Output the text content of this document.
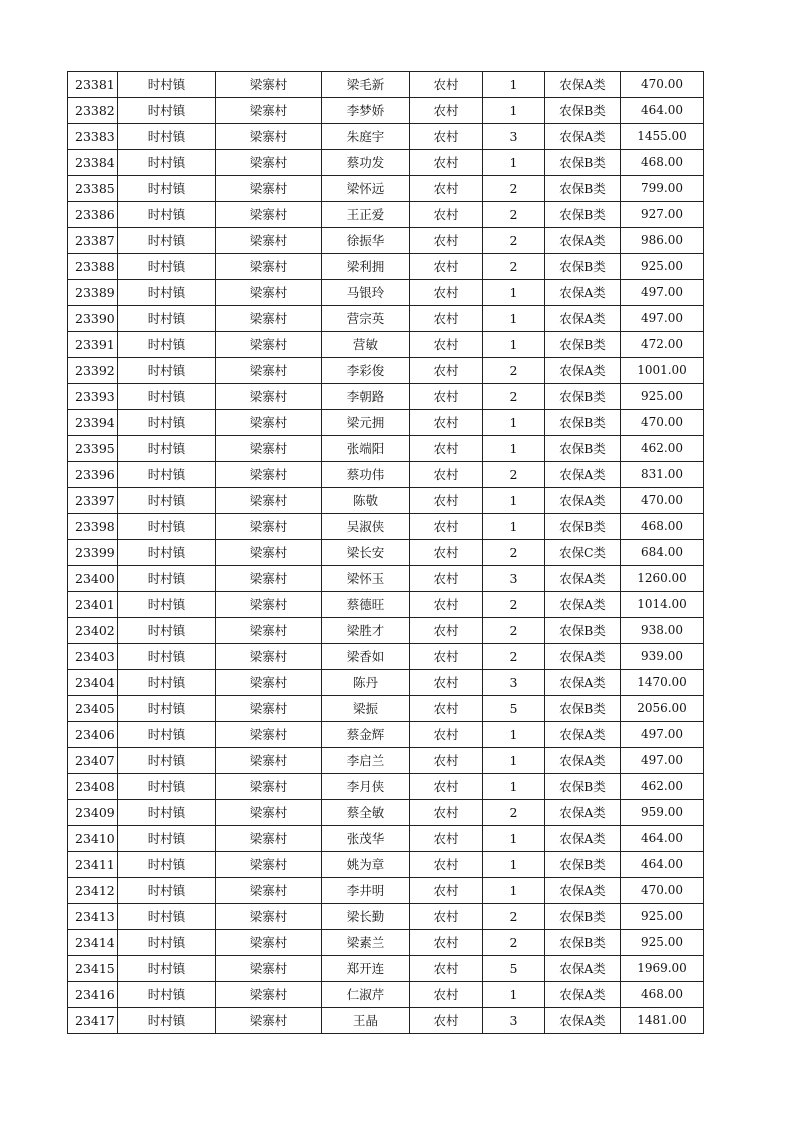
23381	时村镇	梁寨村	梁毛新	农村	1	农保A类	470.00
23382	时村镇	梁寨村	李梦娇	农村	1	农保B类	464.00
23383	时村镇	梁寨村	朱庭宇	农村	3	农保A类	1455.00
23384	时村镇	梁寨村	蔡功发	农村	1	农保B类	468.00
23385	时村镇	梁寨村	梁怀远	农村	2	农保B类	799.00
23386	时村镇	梁寨村	王正爱	农村	2	农保B类	927.00
23387	时村镇	梁寨村	徐振华	农村	2	农保A类	986.00
23388	时村镇	梁寨村	梁利拥	农村	2	农保B类	925.00
23389	时村镇	梁寨村	马银玲	农村	1	农保A类	497.00
23390	时村镇	梁寨村	营宗英	农村	1	农保A类	497.00
23391	时村镇	梁寨村	营敏	农村	1	农保B类	472.00
23392	时村镇	梁寨村	李彩俊	农村	2	农保A类	1001.00
23393	时村镇	梁寨村	李朝路	农村	2	农保B类	925.00
23394	时村镇	梁寨村	梁元拥	农村	1	农保B类	470.00
23395	时村镇	梁寨村	张端阳	农村	1	农保B类	462.00
23396	时村镇	梁寨村	蔡功伟	农村	2	农保A类	831.00
23397	时村镇	梁寨村	陈敬	农村	1	农保A类	470.00
23398	时村镇	梁寨村	吴淑侠	农村	1	农保B类	468.00
23399	时村镇	梁寨村	梁长安	农村	2	农保C类	684.00
23400	时村镇	梁寨村	梁怀玉	农村	3	农保A类	1260.00
23401	时村镇	梁寨村	蔡德旺	农村	2	农保A类	1014.00
23402	时村镇	梁寨村	梁胜才	农村	2	农保B类	938.00
23403	时村镇	梁寨村	梁香如	农村	2	农保A类	939.00
23404	时村镇	梁寨村	陈丹	农村	3	农保A类	1470.00
23405	时村镇	梁寨村	梁振	农村	5	农保B类	2056.00
23406	时村镇	梁寨村	蔡金辉	农村	1	农保A类	497.00
23407	时村镇	梁寨村	李启兰	农村	1	农保A类	497.00
23408	时村镇	梁寨村	李月侠	农村	1	农保B类	462.00
23409	时村镇	梁寨村	蔡全敏	农村	2	农保A类	959.00
23410	时村镇	梁寨村	张茂华	农村	1	农保A类	464.00
23411	时村镇	梁寨村	姚为章	农村	1	农保B类	464.00
23412	时村镇	梁寨村	李井明	农村	1	农保A类	470.00
23413	时村镇	梁寨村	梁长勤	农村	2	农保B类	925.00
23414	时村镇	梁寨村	梁素兰	农村	2	农保B类	925.00
23415	时村镇	梁寨村	郑开连	农村	5	农保A类	1969.00
23416	时村镇	梁寨村	仁淑芹	农村	1	农保A类	468.00
23417	时村镇	梁寨村	王晶	农村	3	农保A类	1481.00
